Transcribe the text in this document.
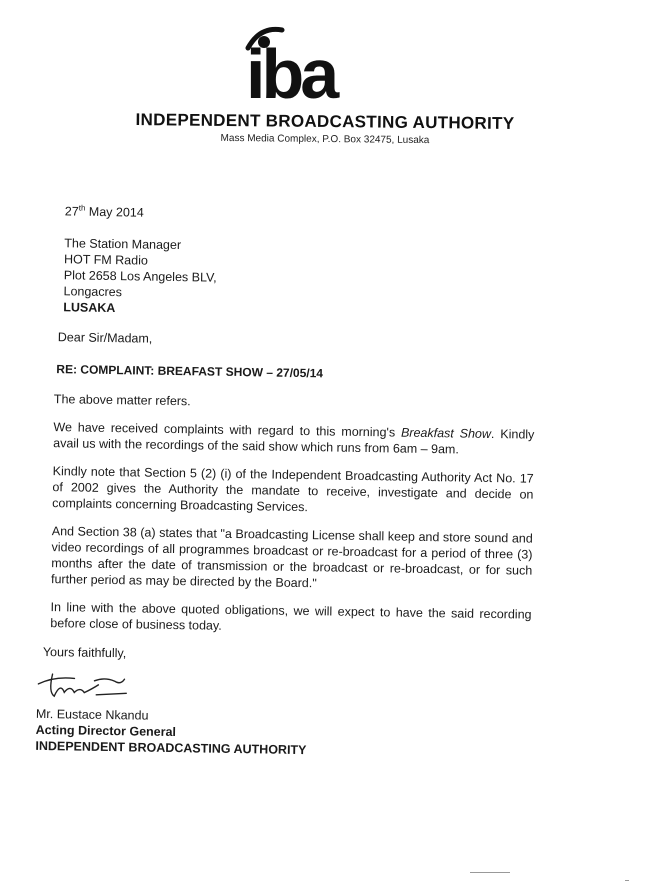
iba
INDEPENDENT BROADCASTING AUTHORITY
Mass Media Complex, P.O. Box 32475, Lusaka
27th May 2014
The Station Manager
HOT FM Radio
Plot 2658 Los Angeles BLV,
Longacres
LUSAKA
Dear Sir/Madam,
RE: COMPLAINT: BREAFAST SHOW – 27/05/14
The above matter refers.
We have received complaints with regard to this morning's Breakfast Show. Kindly avail us with the recordings of the said show which runs from 6am – 9am.
Kindly note that Section 5 (2) (i) of the Independent Broadcasting Authority Act No. 17 of 2002 gives the Authority the mandate to receive, investigate and decide on complaints concerning Broadcasting Services.
And Section 38 (a) states that "a Broadcasting License shall keep and store sound and video recordings of all programmes broadcast or re-broadcast for a period of three (3) months after the date of transmission or the broadcast or re-broadcast, or for such further period as may be directed by the Board."
In line with the above quoted obligations, we will expect to have the said recording before close of business today.
Yours faithfully,
Mr. Eustace Nkandu
Acting Director General
INDEPENDENT BROADCASTING AUTHORITY
